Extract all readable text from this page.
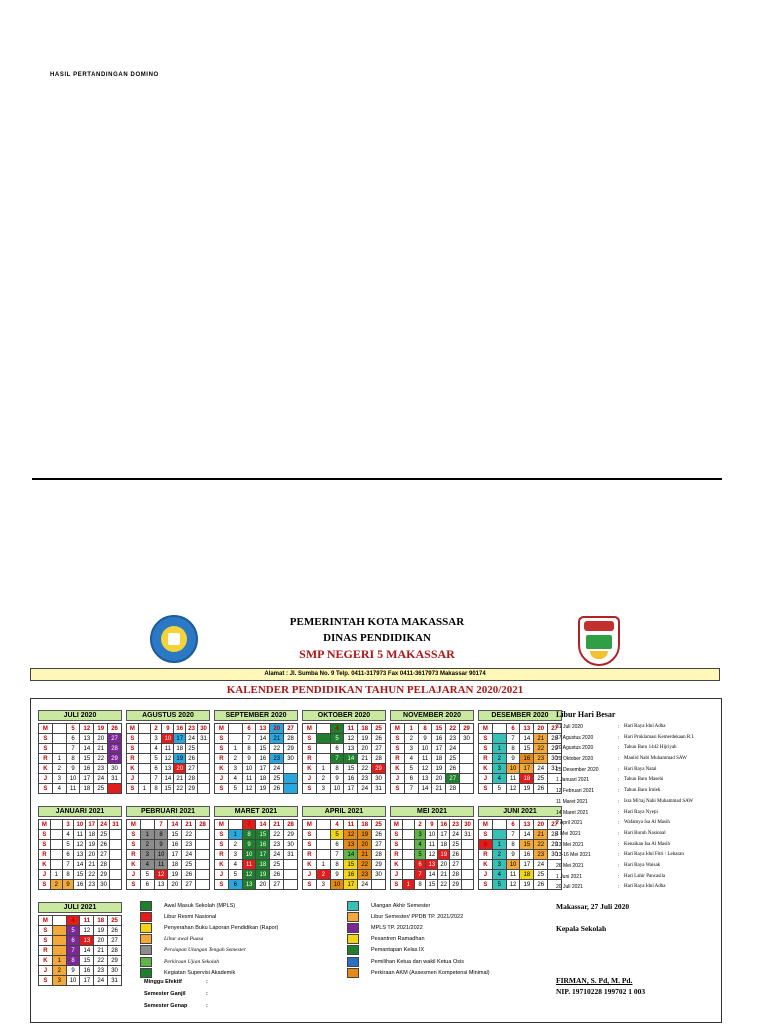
HASIL PERTANDINGAN DOMINO
PEMERINTAH KOTA MAKASSAR
DINAS PENDIDIKAN
SMP NEGERI 5 MAKASSAR
Alamat : Jl. Sumba No. 9 Telp. 0411-317973 Fax 0411-3617973 Makassar 90174
KALENDER PENDIDIKAN TAHUN PELAJARAN 2020/2021
JULI 2020
M		5	12	19	26
S		6	13	20	27
S		7	14	21	28
R	1	8	15	22	29
K	2	9	16	23	30
J	3	10	17	24	31
S	4	11	18	25	
AGUSTUS 2020
M		2	9	16	23	30
S		3	10	17	24	31
S		4	11	18	25	
R		5	12	19	26	
K		6	13	20	27	
J		7	14	21	28	
S	1	8	15	22	29	
SEPTEMBER 2020
M		6	13	20	27
S		7	14	21	28
S	1	8	15	22	29
R	2	9	16	23	30
K	3	10	17	24	
J	4	11	18	25	
S	5	12	19	26	
OKTOBER 2020
M		4	11	18	25
S		5	12	19	26
S		6	13	20	27
R		7	14	21	28
K	1	8	15	22	29
J	2	9	16	23	30
S	3	10	17	24	31
NOVEMBER 2020
M	1	8	15	22	29
S	2	9	16	23	30
S	3	10	17	24	
R	4	11	18	25	
K	5	12	19	26	
J	6	13	20	27	
S	7	14	21	28	
DESEMBER 2020
M		6	13	20	27
S		7	14	21	28
S	1	8	15	22	29
R	2	9	16	23	30
K	3	10	17	24	31
J	4	11	18	25	
S	5	12	19	26	
JANUARI 2021
M		3	10	17	24	31
S		4	11	18	25	
S		5	12	19	26	
R		6	13	20	27	
K		7	14	21	28	
J	1	8	15	22	29	
S	2	9	16	23	30	
PEBRUARI 2021
M		7	14	21	28
S	1	8	15	22	
S	2	9	16	23	
R	3	10	17	24	
K	4	11	18	25	
J	5	12	19	26	
S	6	13	20	27	
MARET 2021
M		7	14	21	28
S	1	8	15	22	29
S	2	9	16	23	30
R	3	10	17	24	31
K	4	11	18	25	
J	5	12	19	26	
S	6	13	20	27	
APRIL 2021
M		4	11	18	25
S		5	12	19	26
S		6	13	20	27
R		7	14	21	28
K	1	8	15	22	29
J	2	9	16	23	30
S	3	10	17	24	
MEI 2021
M		2	9	16	23	30
S		3	10	17	24	31
S		4	11	18	25	
R		5	12	19	26	
K		6	13	20	27	
J		7	14	21	28	
S	1	8	15	22	29	
JUNI 2021
M		6	13	20	27
S		7	14	21	28
S	1	8	15	22	29
R	2	9	16	23	30
K	3	10	17	24	
J	4	11	18	25	
S	5	12	19	26	
JULI 2021
M		4	11	18	25
S		5	12	19	26
S		6	13	20	27
R		7	14	21	28
K	1	8	15	22	29
J	2	9	16	23	30
S	3	10	17	24	31
Libur Hari Besar
31 Juli 2020	: Hari Raya Idul Adha
17 Agustus 2020	: Hari Proklamasi Kemerdekaan R.I.
20 Agustus 2020	: Tahun Baru 1442 Hijriyah
29 Oktober 2020	: Maulid Nabi Muhammad SAW
25 Desember 2020	: Hari Raya Natal
1 Januari 2021	: Tahun Baru Masehi
12 Februari 2021	: Tahun Baru Imlek
11 Maret 2021	: Isra Mi'raj Nabi Muhammad SAW
14 Maret 2021	: Hari Raya Nyepi
2 April 2021	: Wafatnya Isa Al Masih
1 Mei 2021	: Hari Buruh Nasional
13 Mei 2021	: Kenaikan Isa Al Masih
13-16 Mei 2021	: Hari Raya Idul Fitri / Lebaran
26 Mei 2021	: Hari Raya Waisak
1 Juni 2021	: Hari Lahir Pancasila
20 Juli 2021	: Hari Raya Idul Adha
Awal Masuk Sekolah (MPLS)
Libur Resmi Nasional
Penyerahan Buku Laporan Pendidikan (Rapor)
Libur awal Puasa
Persiapan Ulangan Tengah Semester
Perkiraan Ujian Sekolah
Kegiatan Supervisi Akademik
Ulangan Akhir Semester
Libur Semester/ PPDB TP. 2021/2022
MPLS TP. 2021/2022
Pesantren Ramadhan
Pemantapan Kelas IX
Pemilihan Ketua dan wakil Ketua Osis
Perkiraan AKM (Assesmen Kompetensi Minimal)
Minggu Efektif	:
Semester Ganjil	:
Semester Genap	:
Makassar, 27 Juli 2020
Kepala Sekolah
FIRMAN, S. Pd, M. Pd.
NIP. 19710228 199702 1 003
